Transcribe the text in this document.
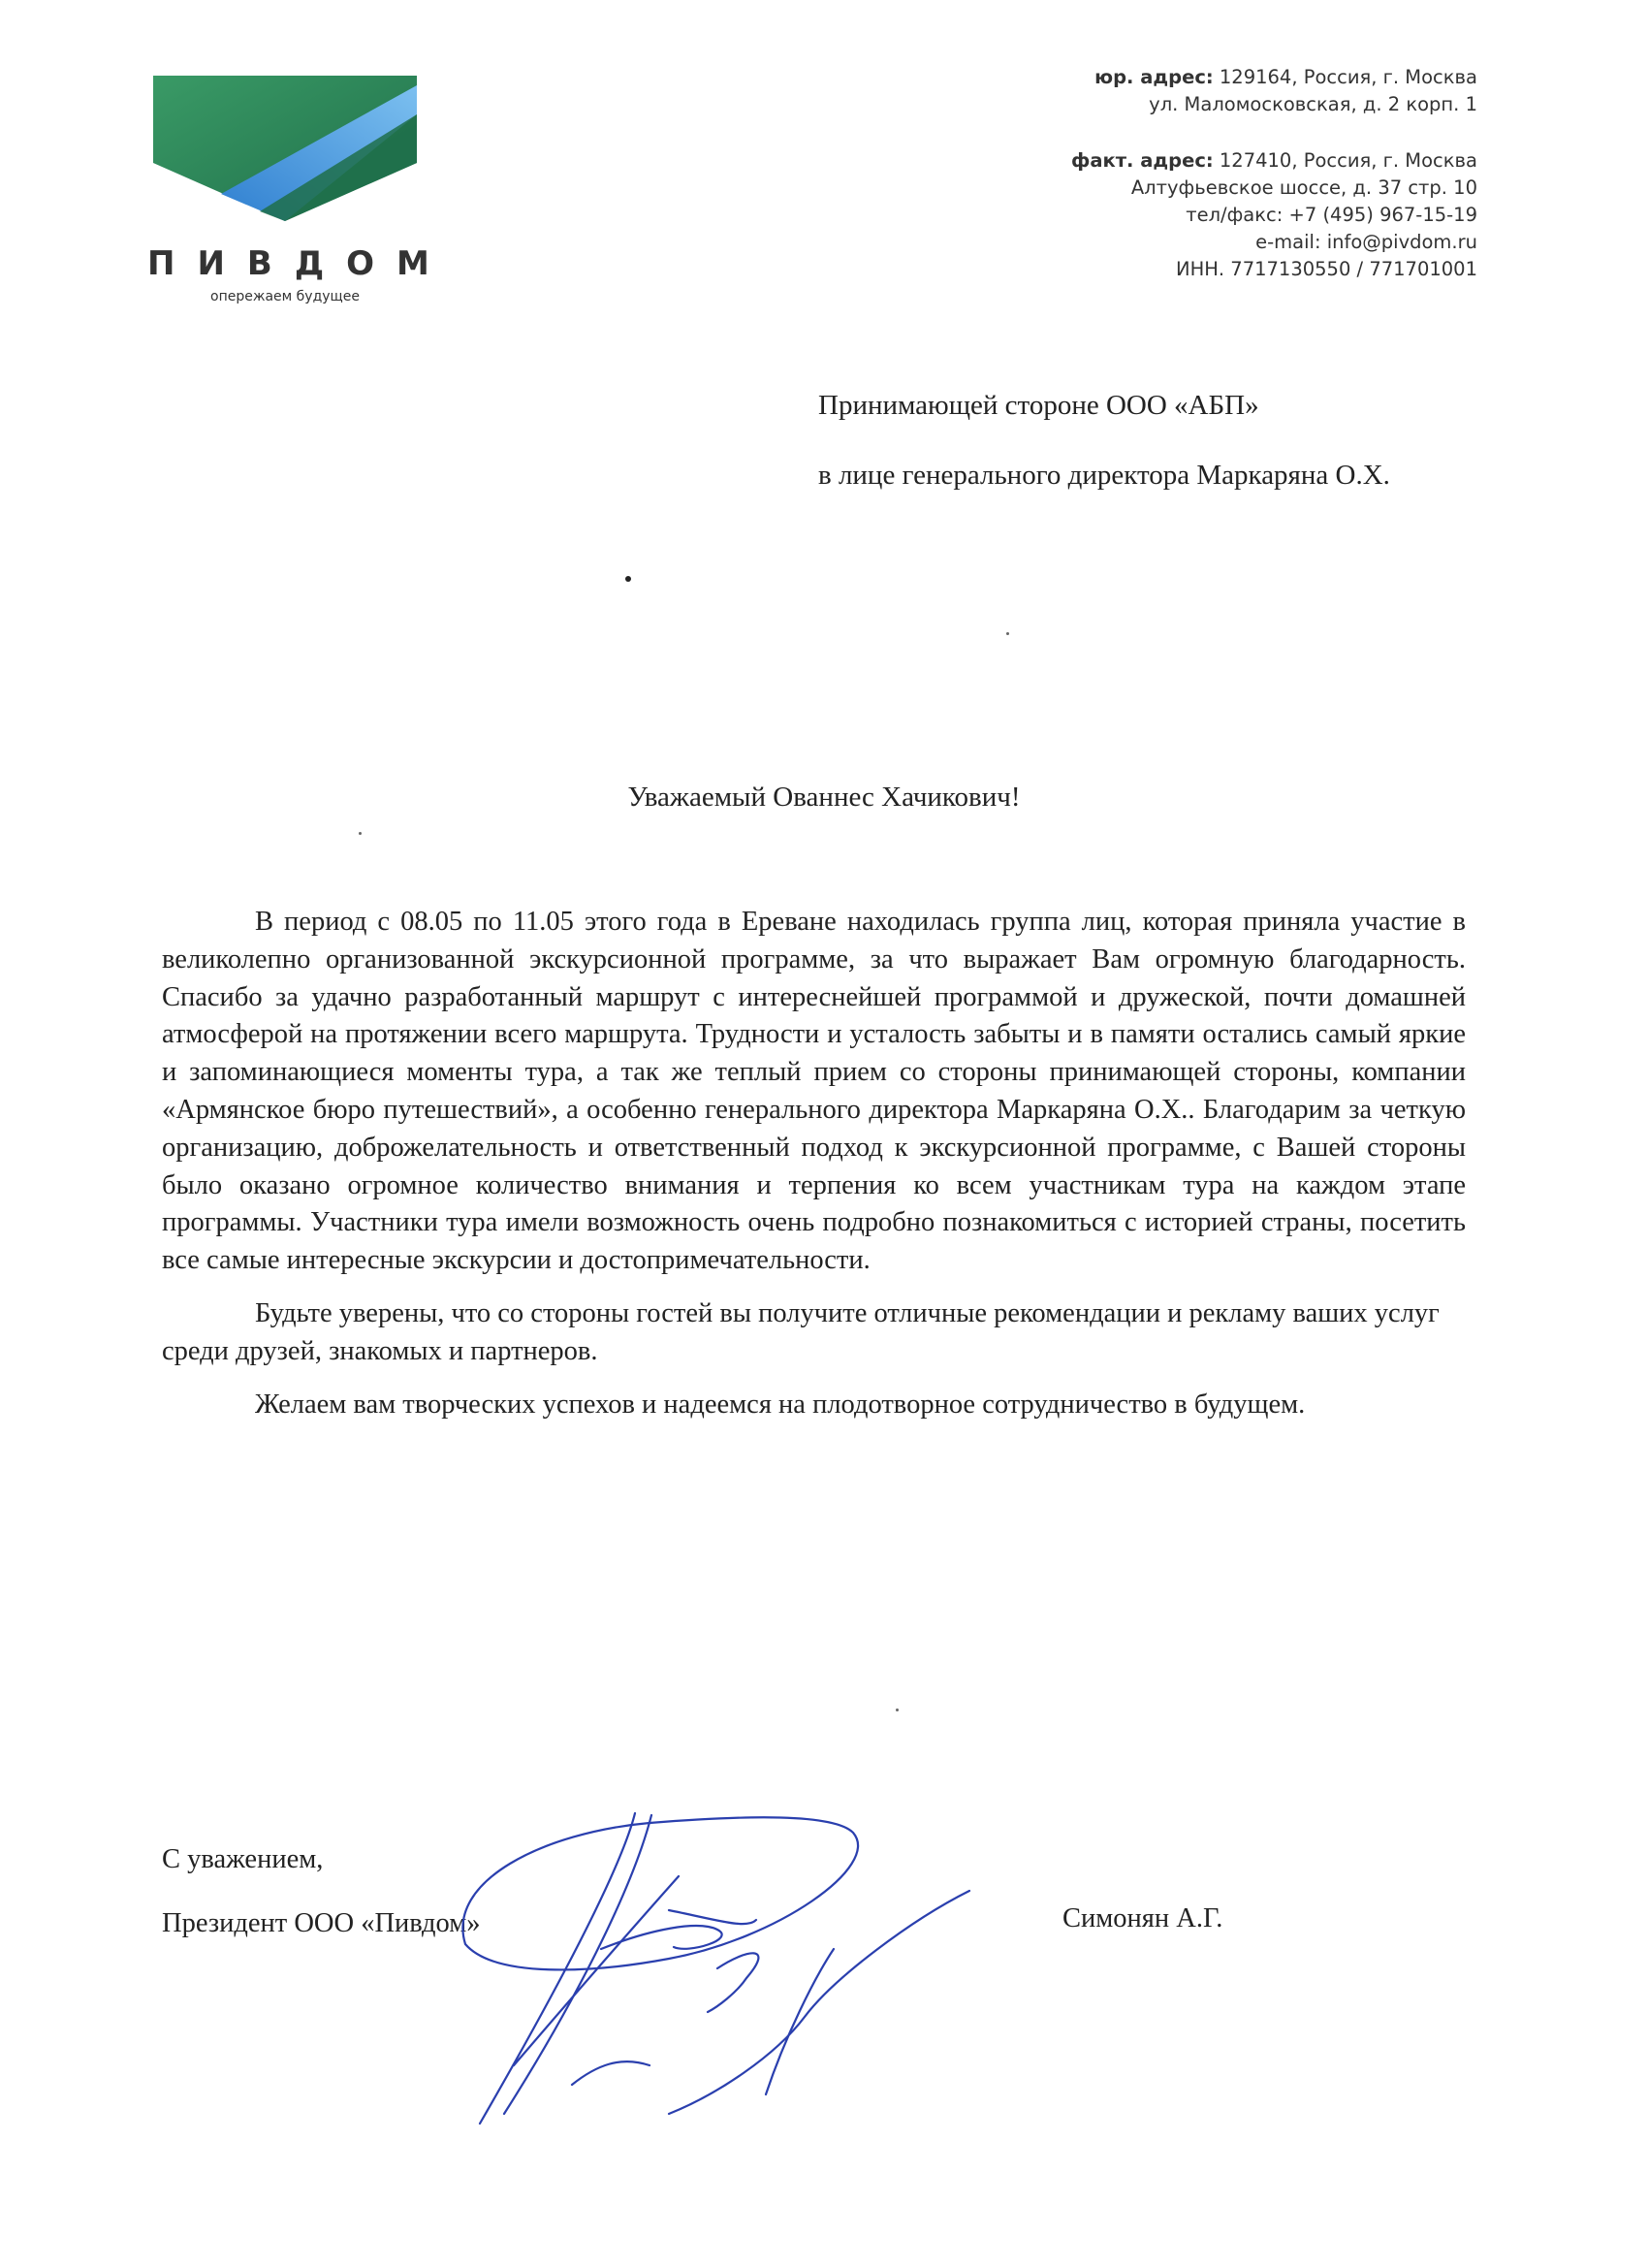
ПИВДОМ
опережаем будущее
юр. адрес: 129164, Россия, г. Москва
ул. Маломосковская, д. 2 корп. 1
факт. адрес: 127410, Россия, г. Москва
Алтуфьевское шоссе, д. 37 стр. 10
тел/факс: +7 (495) 967-15-19
e-mail: info@pivdom.ru
ИНН. 7717130550 / 771701001
Принимающей стороне ООО «АБП»
в лице генерального директора Маркаряна О.Х.
Уважаемый Ованнес Хачикович!

В период с 08.05 по 11.05 этого года в Ереване находилась группа лиц, которая приняла участие в великолепно организованной экскурсионной программе, за что выражает Вам огромную благодарность. Спасибо за удачно разработанный маршрут с интереснейшей программой и дружеской, почти домашней атмосферой на протяжении всего маршрута. Трудности и усталость забыты и в памяти остались самый яркие и запоминающиеся моменты тура, а так же теплый прием со стороны принимающей стороны, компании «Армянское бюро путешествий», а особенно генерального директора Маркаряна О.Х.. Благодарим за четкую организацию, доброжелательность и ответственный подход к экскурсионной программе, с Вашей стороны было оказано огромное количество внимания и терпения ко всем участникам тура на каждом этапе программы. Участники тура имели возможность очень подробно познакомиться с историей страны, посетить все самые интересные экскурсии и достопримечательности.

Будьте уверены, что со стороны гостей вы получите отличные рекомендации и рекламу ваших услуг среди друзей, знакомых и партнеров.

Желаем вам творческих успехов и надеемся на плодотворное сотрудничество в будущем.

С уважением,
Президент ООО «Пивдом»	Симонян А.Г.
